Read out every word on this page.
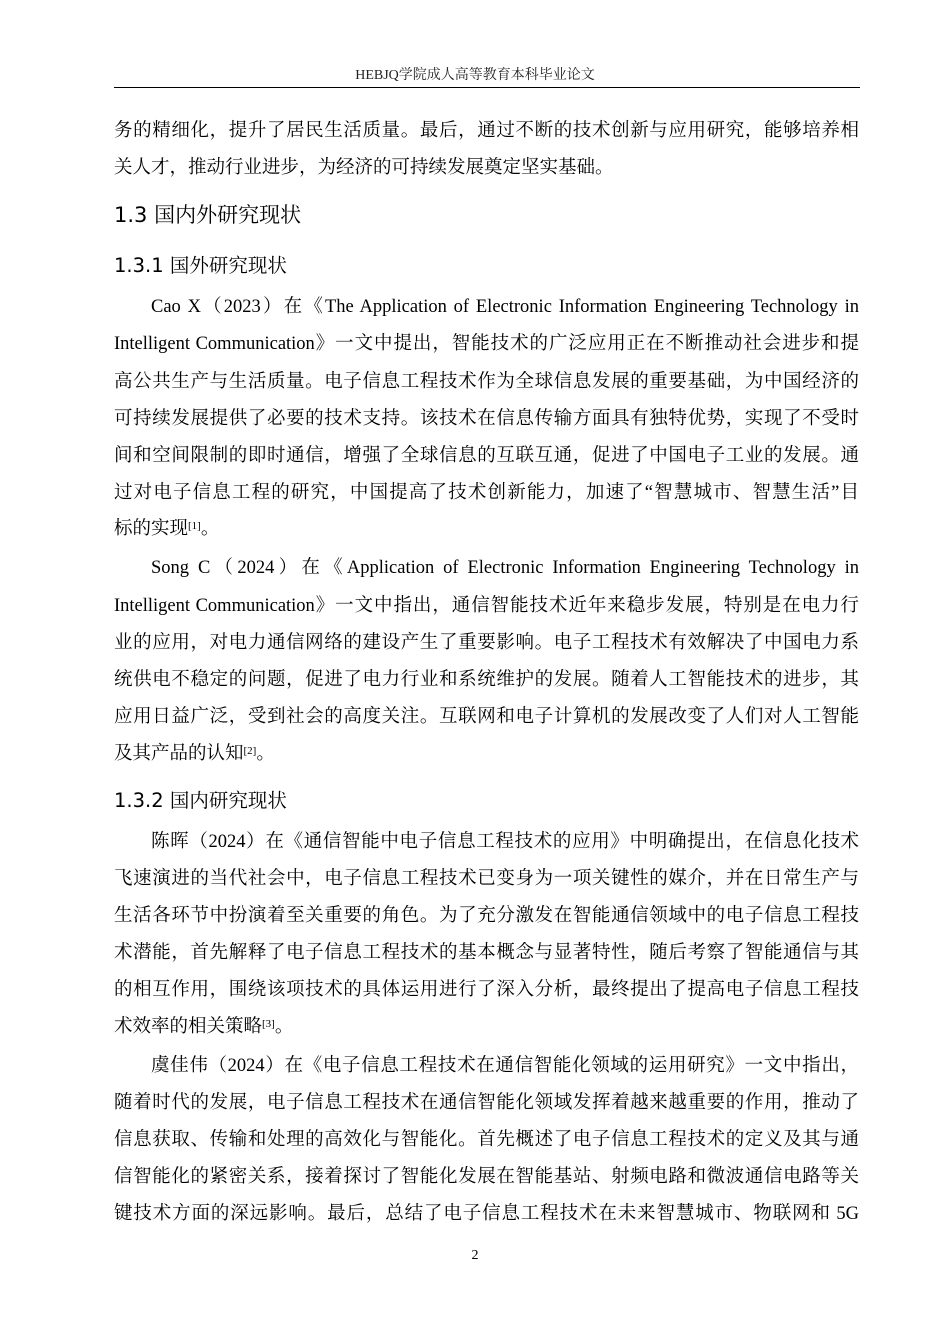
HEBJQ学院成人高等教育本科毕业论文
务的精细化，提升了居民生活质量。最后，通过不断的技术创新与应用研究，能够培养相
关人才，推动行业进步，为经济的可持续发展奠定坚实基础。
1.3 国内外研究现状
1.3.1 国外研究现状
Cao X（2023）在《The Application of Electronic Information Engineering Technology in
Intelligent Communication》一文中提出，智能技术的广泛应用正在不断推动社会进步和提
高公共生产与生活质量。电子信息工程技术作为全球信息发展的重要基础，为中国经济的
可持续发展提供了必要的技术支持。该技术在信息传输方面具有独特优势，实现了不受时
间和空间限制的即时通信，增强了全球信息的互联互通，促进了中国电子工业的发展。通
过对电子信息工程的研究，中国提高了技术创新能力，加速了“智慧城市、智慧生活”目
标的实现[1]。
Song C（2024）在《Application of Electronic Information Engineering Technology in
Intelligent Communication》一文中指出，通信智能技术近年来稳步发展，特别是在电力行
业的应用，对电力通信网络的建设产生了重要影响。电子工程技术有效解决了中国电力系
统供电不稳定的问题，促进了电力行业和系统维护的发展。随着人工智能技术的进步，其
应用日益广泛，受到社会的高度关注。互联网和电子计算机的发展改变了人们对人工智能
及其产品的认知[2]。
1.3.2 国内研究现状
陈晖（2024）在《通信智能中电子信息工程技术的应用》中明确提出，在信息化技术
飞速演进的当代社会中，电子信息工程技术已变身为一项关键性的媒介，并在日常生产与
生活各环节中扮演着至关重要的角色。为了充分激发在智能通信领域中的电子信息工程技
术潜能，首先解释了电子信息工程技术的基本概念与显著特性，随后考察了智能通信与其
的相互作用，围绕该项技术的具体运用进行了深入分析，最终提出了提高电子信息工程技
术效率的相关策略[3]。
虞佳伟（2024）在《电子信息工程技术在通信智能化领域的运用研究》一文中指出，
随着时代的发展，电子信息工程技术在通信智能化领域发挥着越来越重要的作用，推动了
信息获取、传输和处理的高效化与智能化。首先概述了电子信息工程技术的定义及其与通
信智能化的紧密关系，接着探讨了智能化发展在智能基站、射频电路和微波通信电路等关
键技术方面的深远影响。最后，总结了电子信息工程技术在未来智慧城市、物联网和 5G
2
